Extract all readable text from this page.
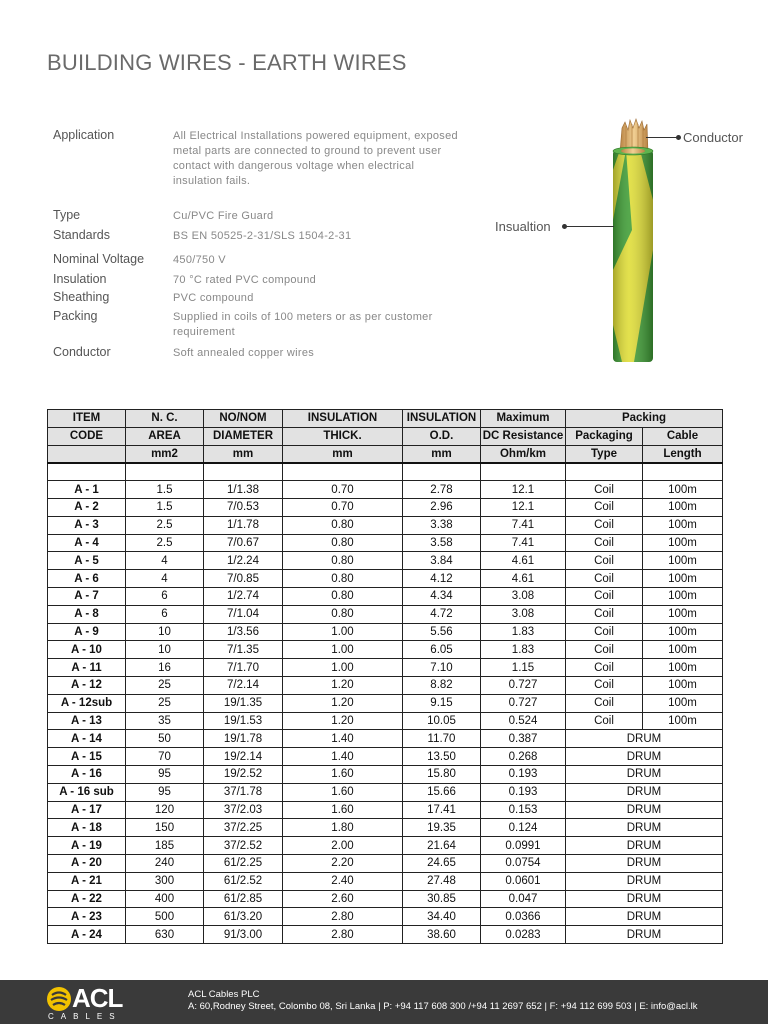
BUILDING WIRES - EARTH WIRES
Application	All Electrical Installations powered equipment, exposed metal parts are connected to ground to prevent user contact with dangerous voltage when electrical insulation fails.
Type	Cu/PVC Fire Guard
Standards	BS EN 50525-2-31/SLS 1504-2-31
Nominal Voltage	450/750 V
Insulation	70 °C rated PVC compound
Sheathing	PVC compound
Packing	Supplied in coils of 100 meters or as per customer requirement
Conductor	Soft annealed copper wires
Conductor
Insualtion
ITEM	N. C.	NO/NOM	INSULATION	INSULATION	Maximum	Packing	
CODE	AREA	DIAMETER	THICK.	O.D.	DC Resistance	Packaging	Cable
	mm2	mm	mm	mm	Ohm/km	Type	Length

A - 1	1.5	1/1.38	0.70	2.78	12.1	Coil	100m
A - 2	1.5	7/0.53	0.70	2.96	12.1	Coil	100m
A - 3	2.5	1/1.78	0.80	3.38	7.41	Coil	100m
A - 4	2.5	7/0.67	0.80	3.58	7.41	Coil	100m
A - 5	4	1/2.24	0.80	3.84	4.61	Coil	100m
A - 6	4	7/0.85	0.80	4.12	4.61	Coil	100m
A - 7	6	1/2.74	0.80	4.34	3.08	Coil	100m
A - 8	6	7/1.04	0.80	4.72	3.08	Coil	100m
A - 9	10	1/3.56	1.00	5.56	1.83	Coil	100m
A - 10	10	7/1.35	1.00	6.05	1.83	Coil	100m
A - 11	16	7/1.70	1.00	7.10	1.15	Coil	100m
A - 12	25	7/2.14	1.20	8.82	0.727	Coil	100m
A - 12sub	25	19/1.35	1.20	9.15	0.727	Coil	100m
A - 13	35	19/1.53	1.20	10.05	0.524	Coil	100m
A - 14	50	19/1.78	1.40	11.70	0.387	DRUM	
A - 15	70	19/2.14	1.40	13.50	0.268	DRUM	
A - 16	95	19/2.52	1.60	15.80	0.193	DRUM	
A - 16 sub	95	37/1.78	1.60	15.66	0.193	DRUM	
A - 17	120	37/2.03	1.60	17.41	0.153	DRUM	
A - 18	150	37/2.25	1.80	19.35	0.124	DRUM	
A - 19	185	37/2.52	2.00	21.64	0.0991	DRUM	
A - 20	240	61/2.25	2.20	24.65	0.0754	DRUM	
A - 21	300	61/2.52	2.40	27.48	0.0601	DRUM	
A - 22	400	61/2.85	2.60	30.85	0.047	DRUM	
A - 23	500	61/3.20	2.80	34.40	0.0366	DRUM	
A - 24	630	91/3.00	2.80	38.60	0.0283	DRUM	
ACL
CABLES
ACL Cables PLC
A: 60,Rodney Street, Colombo 08, Sri Lanka | P: +94 117 608 300 /+94 11 2697 652 | F: +94 112 699 503 | E: info@acl.lk
